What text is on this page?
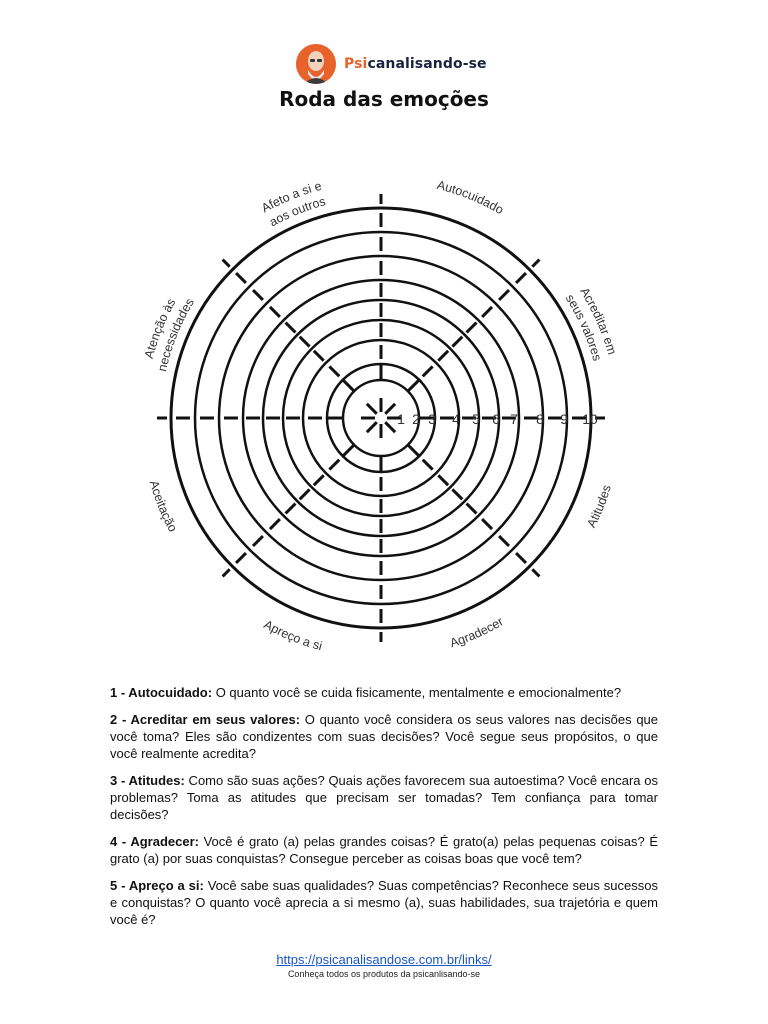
Psicanalisando-se
Roda das emoções
1 2 3 4 5 6 7 8 9 10
Afeto a si e
aos outros
Autocuidado
Acreditar em
seus valores
Atitudes
Agradecer
Apreço a si
Aceitação
Atenção às
necessidades

1 - Autocuidado: O quanto você se cuida fisicamente, mentalmente e emocionalmente?

2 - Acreditar em seus valores: O quanto você considera os seus valores nas decisões que você toma? Eles são condizentes com suas decisões? Você segue seus propósitos, o que você realmente acredita?

3 - Atitudes: Como são suas ações? Quais ações favorecem sua autoestima? Você encara os problemas? Toma as atitudes que precisam ser tomadas? Tem confiança para tomar decisões?

4 - Agradecer: Você é grato (a) pelas grandes coisas? É grato(a) pelas pequenas coisas? É grato (a) por suas conquistas? Consegue perceber as coisas boas que você tem?

5 - Apreço a si: Você sabe suas qualidades? Suas competências? Reconhece seus sucessos e conquistas? O quanto você aprecia a si mesmo (a), suas habilidades, sua trajetória e quem você é?

https://psicanalisandose.com.br/links/
Conheça todos os produtos da psicanlisando-se
